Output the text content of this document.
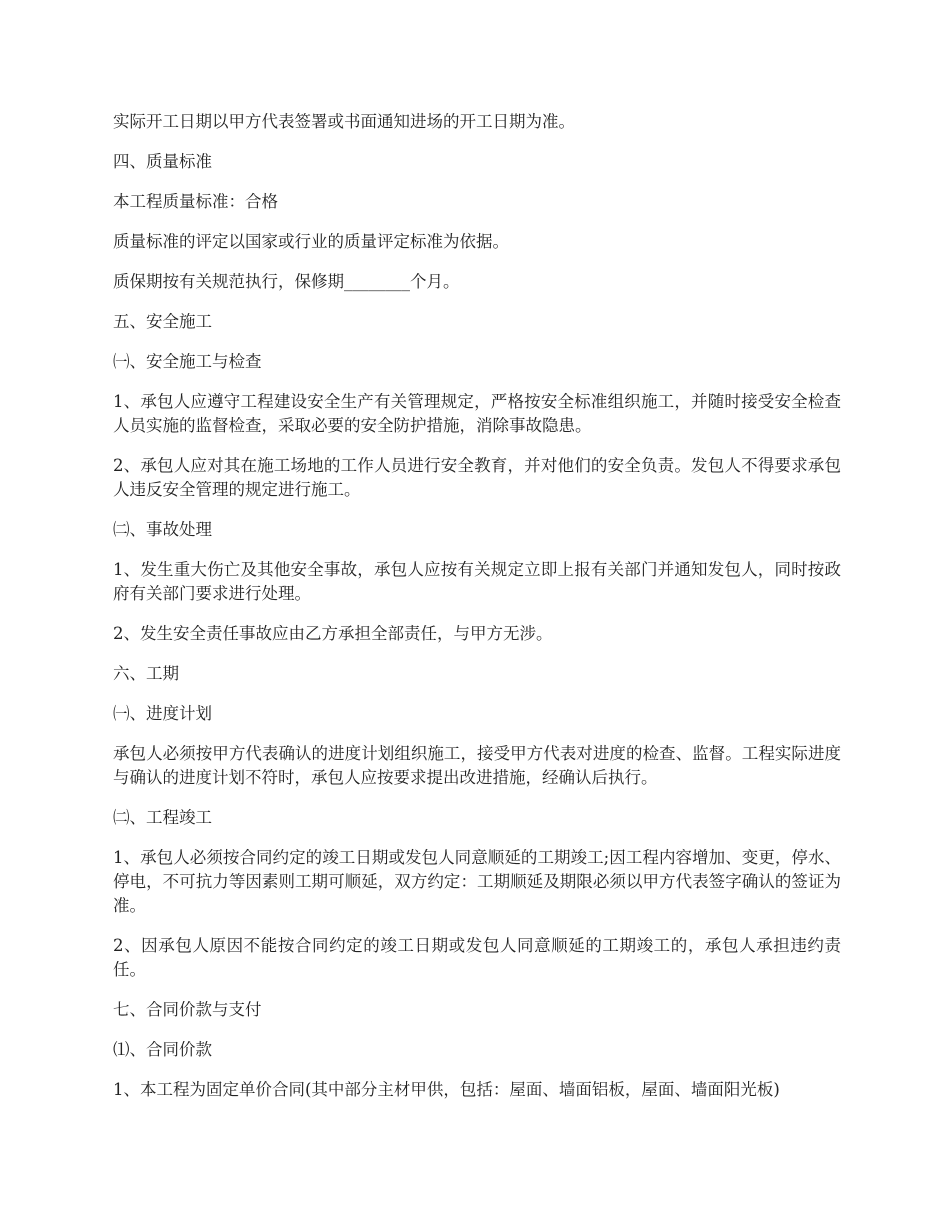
实际开工日期以甲方代表签署或书面通知进场的开工日期为准。

四、质量标准

本工程质量标准：合格

质量标准的评定以国家或行业的质量评定标准为依据。

质保期按有关规范执行，保修期________个月。

五、安全施工

㈠、安全施工与检查

1、承包人应遵守工程建设安全生产有关管理规定，严格按安全标准组织施工，并随时接受安全检查人员实施的监督检查，采取必要的安全防护措施，消除事故隐患。

2、承包人应对其在施工场地的工作人员进行安全教育，并对他们的安全负责。发包人不得要求承包人违反安全管理的规定进行施工。

㈡、事故处理

1、发生重大伤亡及其他安全事故，承包人应按有关规定立即上报有关部门并通知发包人，同时按政府有关部门要求进行处理。

2、发生安全责任事故应由乙方承担全部责任，与甲方无涉。

六、工期

㈠、进度计划

承包人必须按甲方代表确认的进度计划组织施工，接受甲方代表对进度的检查、监督。工程实际进度与确认的进度计划不符时，承包人应按要求提出改进措施，经确认后执行。

㈡、工程竣工

1、承包人必须按合同约定的竣工日期或发包人同意顺延的工期竣工;因工程内容增加、变更，停水、停电，不可抗力等因素则工期可顺延，双方约定：工期顺延及期限必须以甲方代表签字确认的签证为准。

2、因承包人原因不能按合同约定的竣工日期或发包人同意顺延的工期竣工的，承包人承担违约责任。

七、合同价款与支付

⑴、合同价款

1、本工程为固定单价合同(其中部分主材甲供，包括：屋面、墙面铝板，屋面、墙面阳光板)
